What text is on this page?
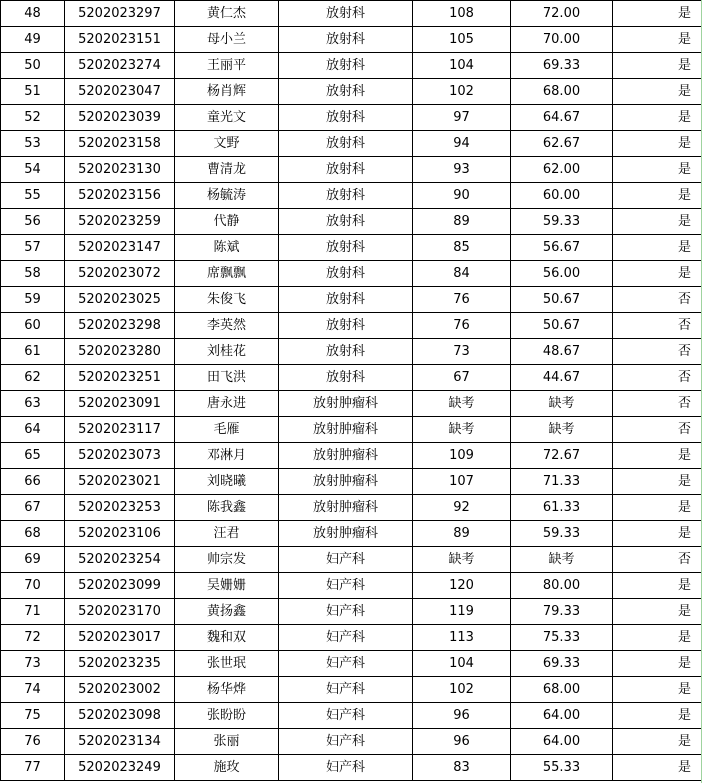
48	5202023297	黄仁杰	放射科	108	72.00	是
49	5202023151	母小兰	放射科	105	70.00	是
50	5202023274	王丽平	放射科	104	69.33	是
51	5202023047	杨肖辉	放射科	102	68.00	是
52	5202023039	童光文	放射科	97	64.67	是
53	5202023158	文野	放射科	94	62.67	是
54	5202023130	曹清龙	放射科	93	62.00	是
55	5202023156	杨毓涛	放射科	90	60.00	是
56	5202023259	代静	放射科	89	59.33	是
57	5202023147	陈斌	放射科	85	56.67	是
58	5202023072	席飘飘	放射科	84	56.00	是
59	5202023025	朱俊飞	放射科	76	50.67	否
60	5202023298	李英然	放射科	76	50.67	否
61	5202023280	刘桂花	放射科	73	48.67	否
62	5202023251	田飞洪	放射科	67	44.67	否
63	5202023091	唐永进	放射肿瘤科	缺考	缺考	否
64	5202023117	毛雁	放射肿瘤科	缺考	缺考	否
65	5202023073	邓淋月	放射肿瘤科	109	72.67	是
66	5202023021	刘晓曦	放射肿瘤科	107	71.33	是
67	5202023253	陈我鑫	放射肿瘤科	92	61.33	是
68	5202023106	汪君	放射肿瘤科	89	59.33	是
69	5202023254	帅宗发	妇产科	缺考	缺考	否
70	5202023099	吴姗姗	妇产科	120	80.00	是
71	5202023170	黄扬鑫	妇产科	119	79.33	是
72	5202023017	魏和双	妇产科	113	75.33	是
73	5202023235	张世珉	妇产科	104	69.33	是
74	5202023002	杨华烨	妇产科	102	68.00	是
75	5202023098	张盼盼	妇产科	96	64.00	是
76	5202023134	张丽	妇产科	96	64.00	是
77	5202023249	施玫	妇产科	83	55.33	是
